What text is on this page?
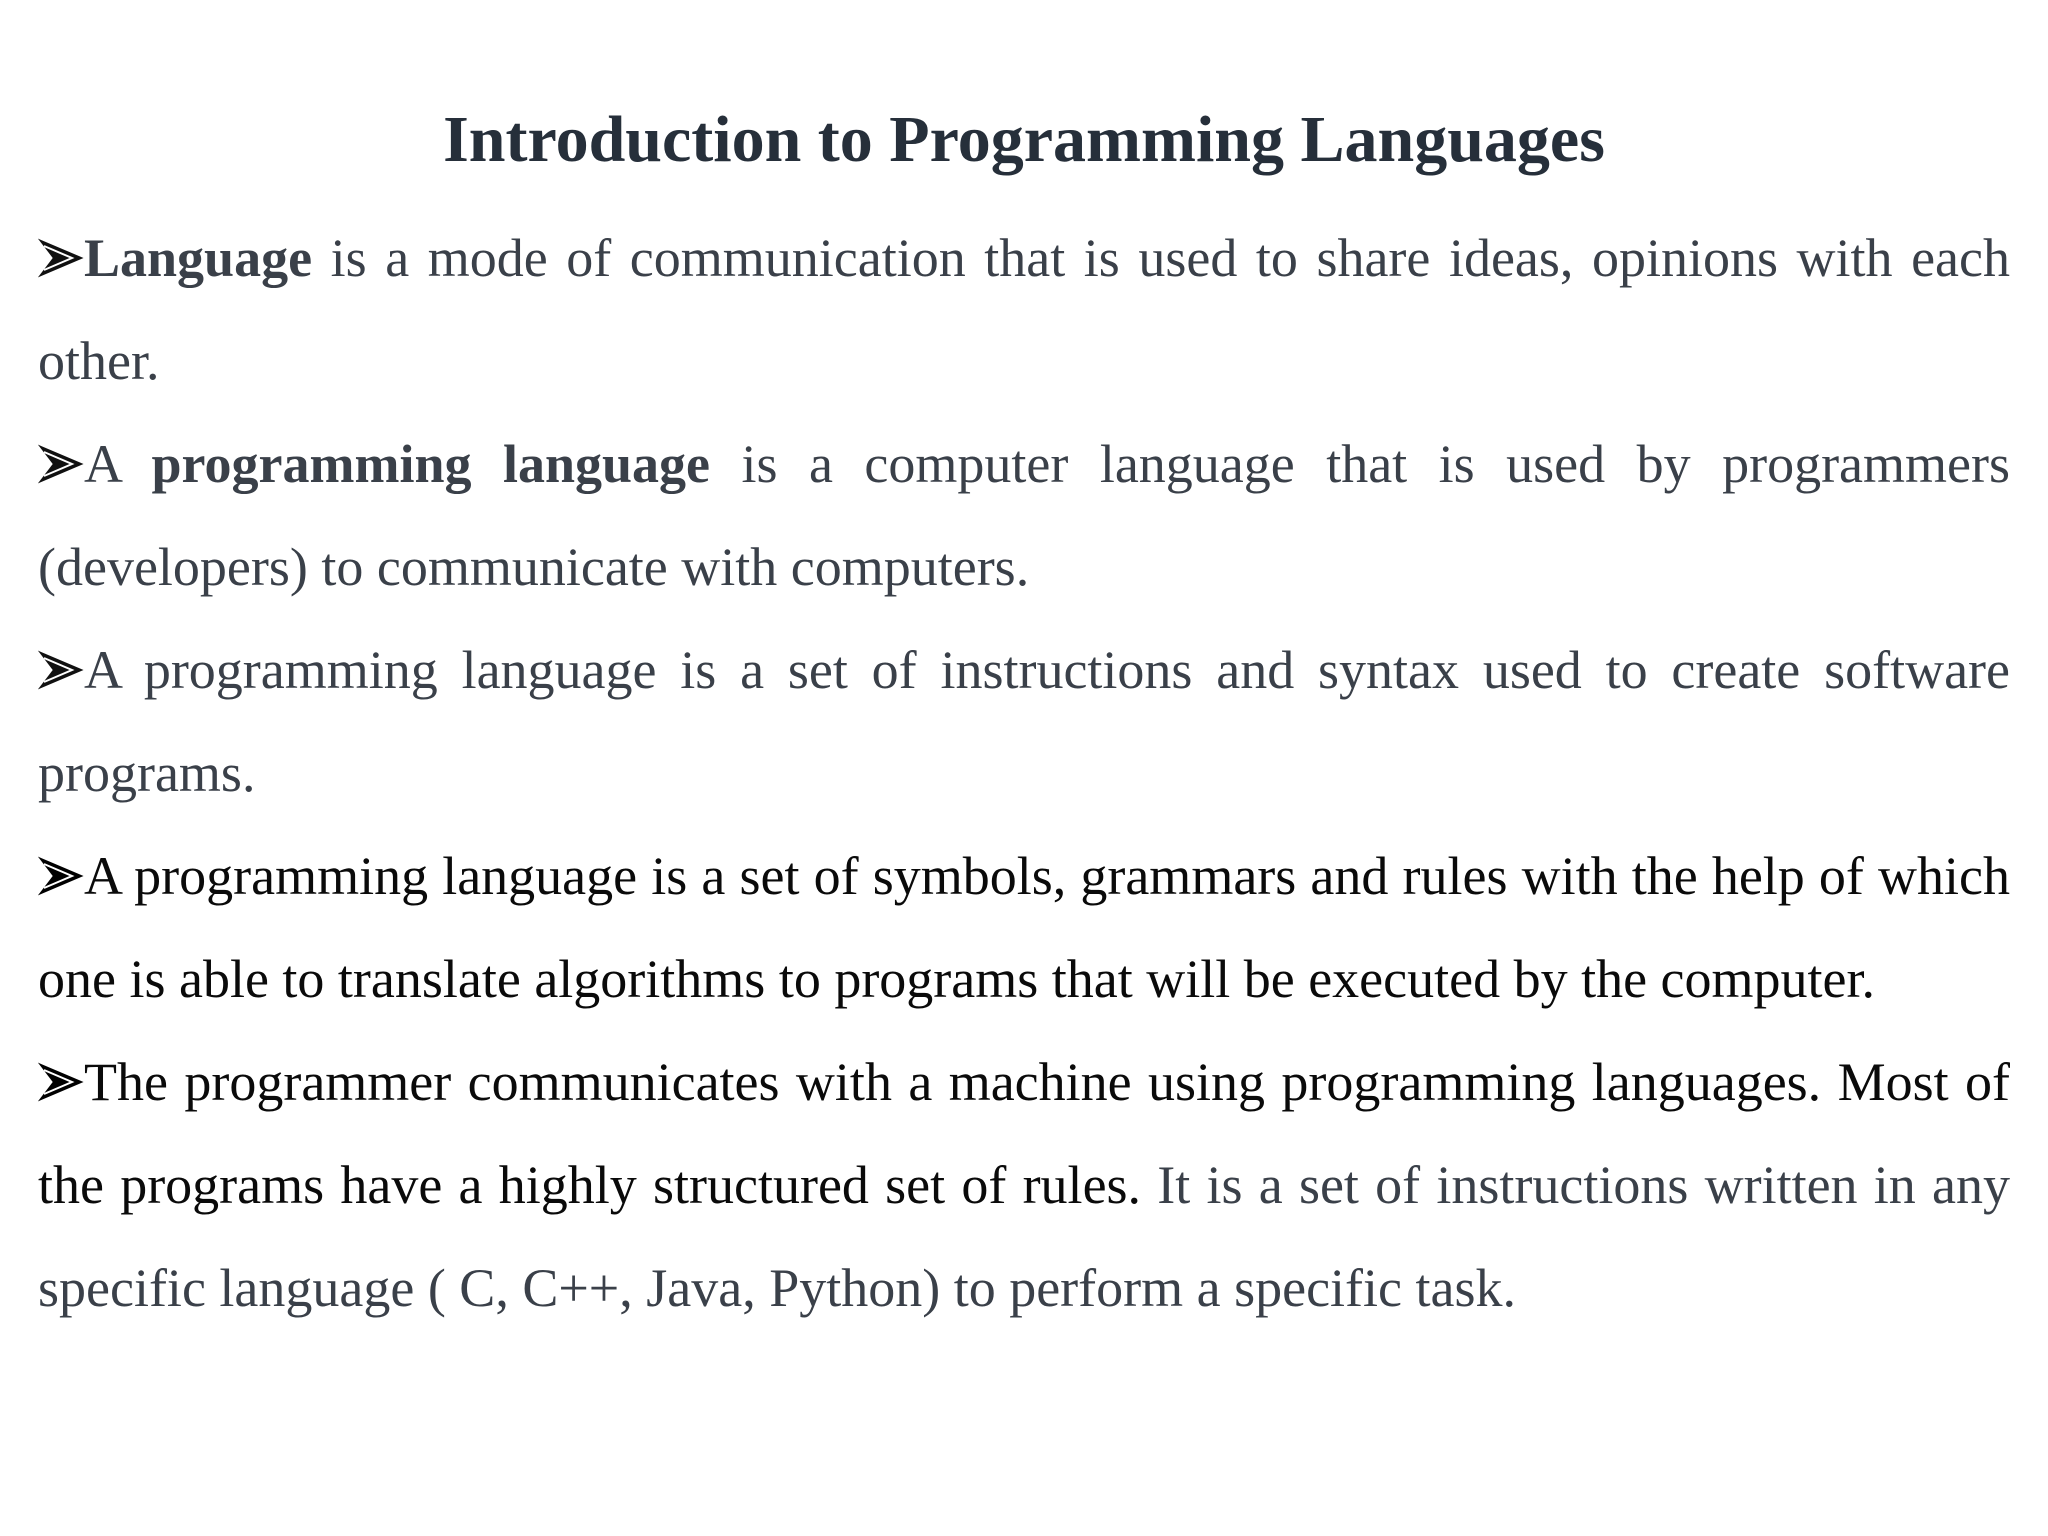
Introduction to Programming Languages

Language is a mode of communication that is used to share ideas, opinions with each other.

A programming language is a computer language that is used by programmers (developers) to communicate with computers.

A programming language is a set of instructions and syntax used to create software programs.

A programming language is a set of symbols, grammars and rules with the help of which one is able to translate algorithms to programs that will be executed by the computer.

The programmer communicates with a machine using programming languages. Most of the programs have a highly structured set of rules. It is a set of instructions written in any specific language ( C, C++, Java, Python) to perform a specific task.
